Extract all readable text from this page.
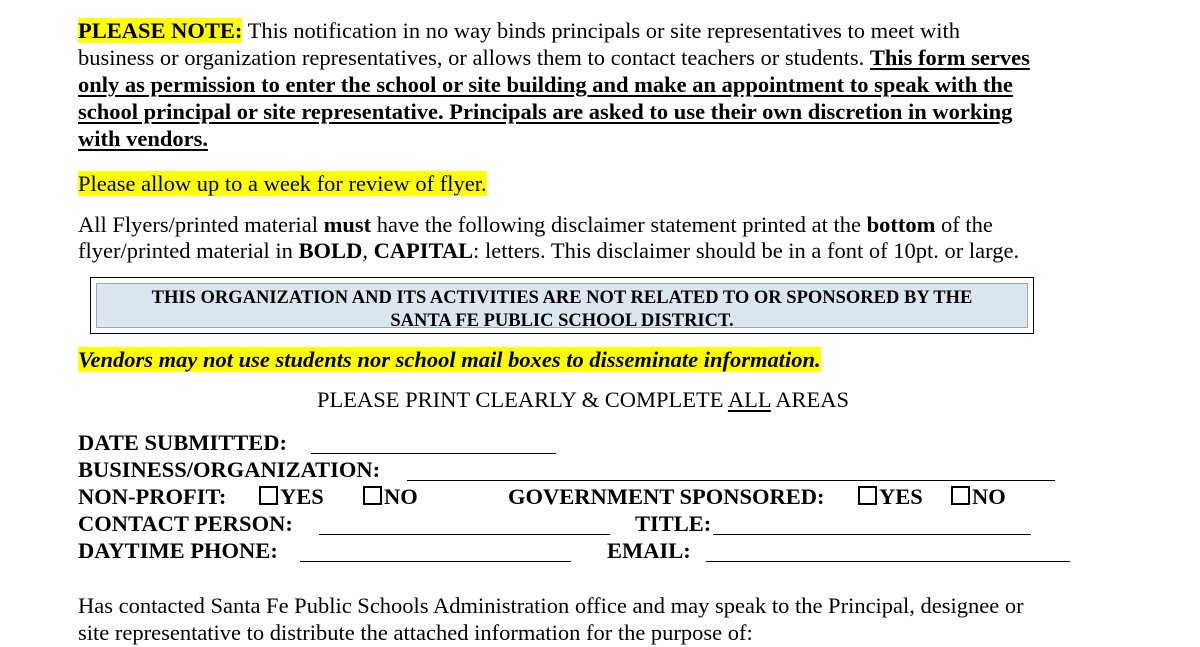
PLEASE NOTE: This notification in no way binds principals or site representatives to meet with
business or organization representatives, or allows them to contact teachers or students. This form serves
only as permission to enter the school or site building and make an appointment to speak with the
school principal or site representative. Principals are asked to use their own discretion in working
with vendors.
Please allow up to a week for review of flyer.
All Flyers/printed material must have the following disclaimer statement printed at the bottom of the
flyer/printed material in BOLD, CAPITAL: letters. This disclaimer should be in a font of 10pt. or large.
THIS ORGANIZATION AND ITS ACTIVITIES ARE NOT RELATED TO OR SPONSORED BY THE
SANTA FE PUBLIC SCHOOL DISTRICT.
Vendors may not use students nor school mail boxes to disseminate information.
PLEASE PRINT CLEARLY & COMPLETE ALL AREAS
DATE SUBMITTED:
BUSINESS/ORGANIZATION:
NON-PROFIT:	YES	NO	GOVERNMENT SPONSORED:	YES	NO
CONTACT PERSON:	TITLE:
DAYTIME PHONE:	EMAIL:
Has contacted Santa Fe Public Schools Administration office and may speak to the Principal, designee or
site representative to distribute the attached information for the purpose of:
